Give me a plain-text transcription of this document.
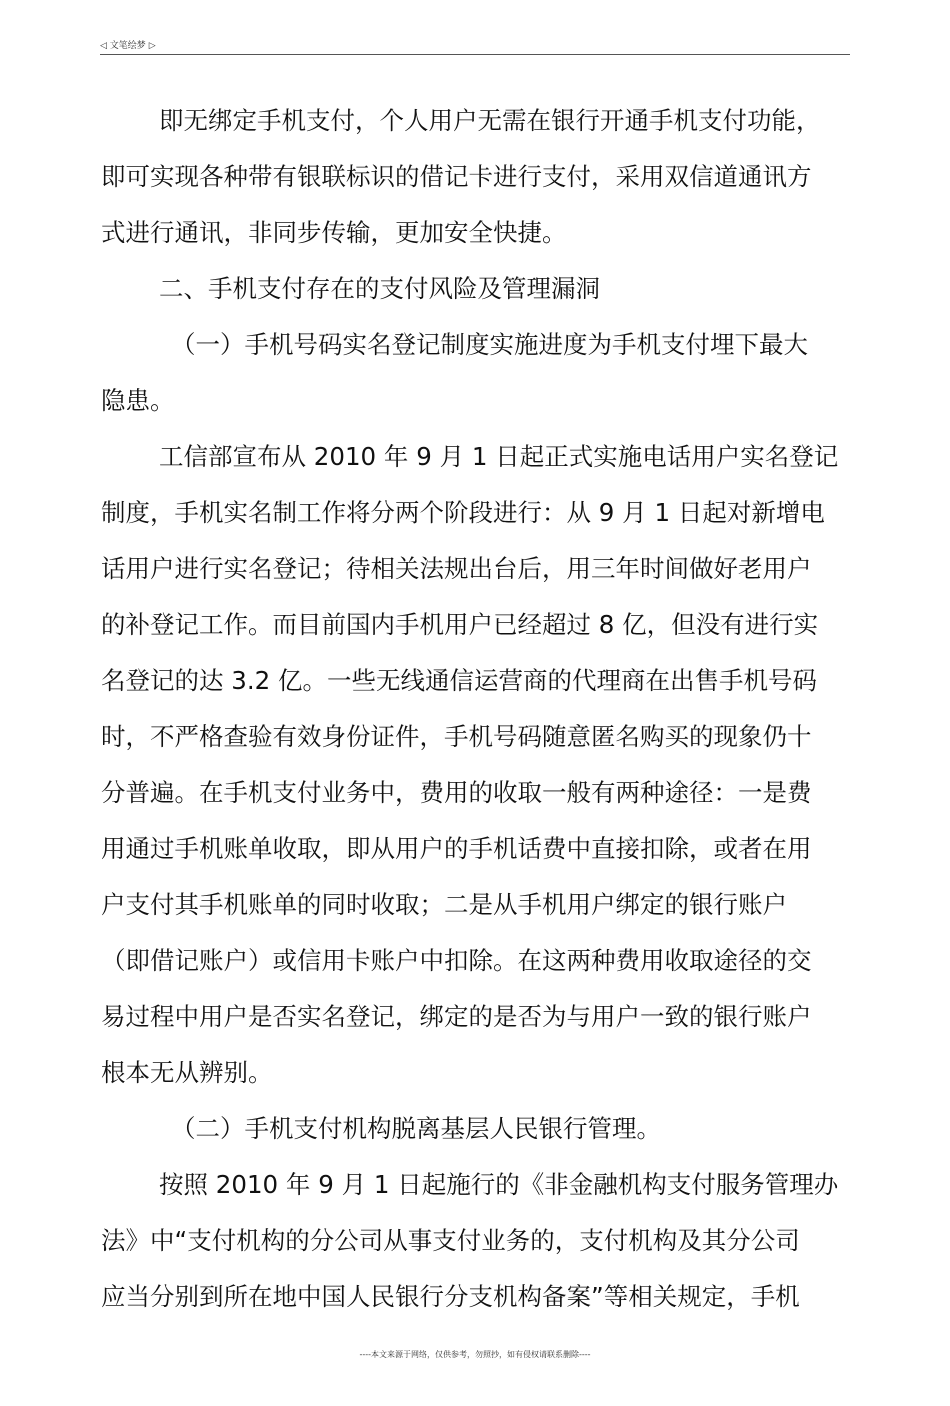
◁ 文笔绘梦 ▷
即无绑定手机支付，个人用户无需在银行开通手机支付功能，
即可实现各种带有银联标识的借记卡进行支付，采用双信道通讯方
式进行通讯，非同步传输，更加安全快捷。
二、手机支付存在的支付风险及管理漏洞
（一）手机号码实名登记制度实施进度为手机支付埋下最大
隐患。
工信部宣布从 2010 年 9 月 1 日起正式实施电话用户实名登记
制度，手机实名制工作将分两个阶段进行：从 9 月 1 日起对新增电
话用户进行实名登记；待相关法规出台后，用三年时间做好老用户
的补登记工作。而目前国内手机用户已经超过 8 亿，但没有进行实
名登记的达 3.2 亿。一些无线通信运营商的代理商在出售手机号码
时，不严格查验有效身份证件，手机号码随意匿名购买的现象仍十
分普遍。在手机支付业务中，费用的收取一般有两种途径：一是费
用通过手机账单收取，即从用户的手机话费中直接扣除，或者在用
户支付其手机账单的同时收取；二是从手机用户绑定的银行账户
（即借记账户）或信用卡账户中扣除。在这两种费用收取途径的交
易过程中用户是否实名登记，绑定的是否为与用户一致的银行账户
根本无从辨别。
（二）手机支付机构脱离基层人民银行管理。
按照 2010 年 9 月 1 日起施行的《非金融机构支付服务管理办
法》中“支付机构的分公司从事支付业务的，支付机构及其分公司
应当分别到所在地中国人民银行分支机构备案”等相关规定，手机
----本文来源于网络，仅供参考，勿照抄，如有侵权请联系删除----
